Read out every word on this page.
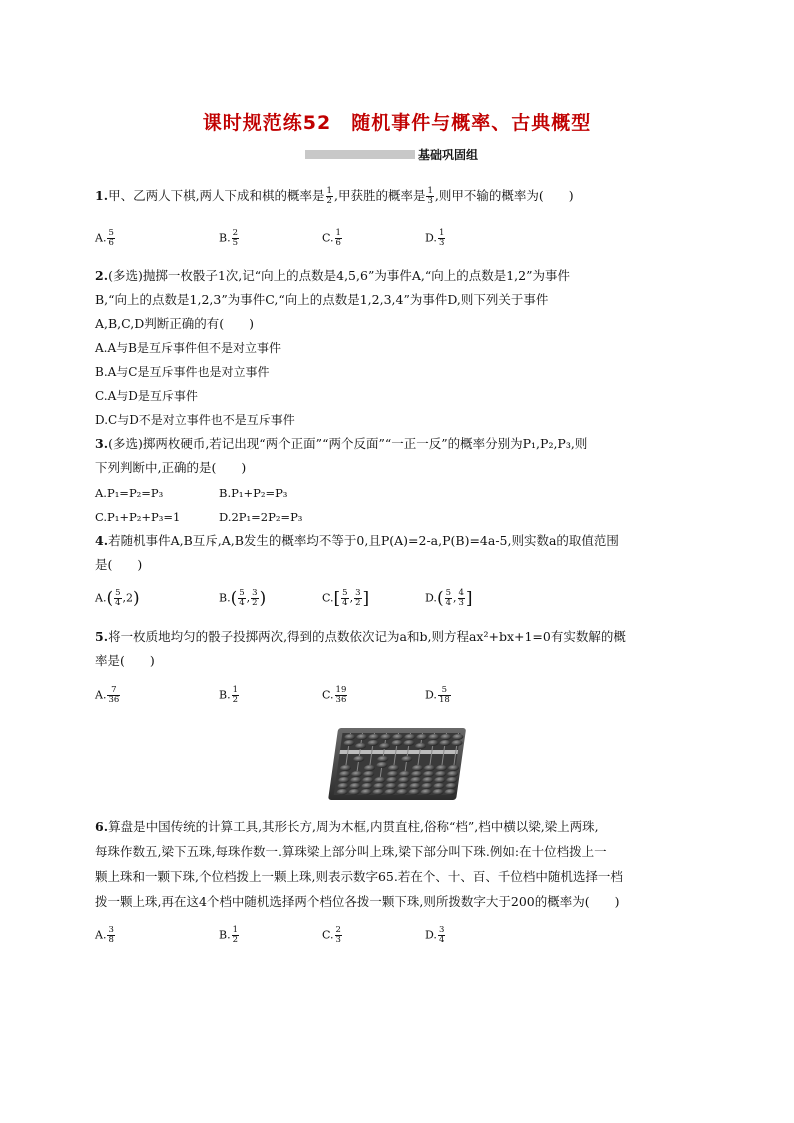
课时规范练52　随机事件与概率、古典概型
基础巩固组
1.甲、乙两人下棋,两人下成和棋的概率是 $\frac{1}{2}$ ,甲获胜的概率是 $\frac{1}{3}$ ,则甲不输的概率为(　　)
A. $\frac{5}{6}$	B. $\frac{2}{5}$	C. $\frac{1}{6}$	D. $\frac{1}{3}$
2.(多选)抛掷一枚骰子1次,记“向上的点数是4,5,6”为事件A,“向上的点数是1,2”为事件
B,“向上的点数是1,2,3”为事件C,“向上的点数是1,2,3,4”为事件D,则下列关于事件
A,B,C,D判断正确的有(　　)
A.A与B是互斥事件但不是对立事件
B.A与C是互斥事件也是对立事件
C.A与D是互斥事件
D.C与D不是对立事件也不是互斥事件
3.(多选)掷两枚硬币,若记出现“两个正面”“两个反面”“一正一反”的概率分别为P₁,P₂,P₃,则
下列判断中,正确的是(　　)
A.P₁=P₂=P₃	B.P₁+P₂=P₃
C.P₁+P₂+P₃=1	D.2P₁=2P₂=P₃
4.若随机事件A,B互斥,A,B发生的概率均不等于0,且P(A)=2-a,P(B)=4a-5,则实数a的取值范围
是(　　)
$A.( \frac{5}{4} ,2)$	$B.( \frac{5}{4}$ , $\frac{3}{2}$ )	$C.[ \frac{5}{4}$ , $\frac{3}{2}$ ]	$D.( \frac{5}{4}$ , $\frac{4}{3}$ ]
5.将一枚质地均匀的骰子投掷两次,得到的点数依次记为a和b,则方程ax²+bx+1=0有实数解的概
率是(　　)
A. $\frac{7}{36}$	B. $\frac{1}{2}$	C. $\frac{19}{36}$	D. $\frac{5}{18}$
6.算盘是中国传统的计算工具,其形长方,周为木框,内贯直柱,俗称“档”,档中横以梁,梁上两珠,
每珠作数五,梁下五珠,每珠作数一.算珠梁上部分叫上珠,梁下部分叫下珠.例如:在十位档拨上一
颗上珠和一颗下珠,个位档拨上一颗上珠,则表示数字65.若在个、十、百、千位档中随机选择一档
拨一颗上珠,再在这4个档中随机选择两个档位各拨一颗下珠,则所拨数字大于200的概率为(　　)
A. $\frac{3}{8}$	B. $\frac{1}{2}$	C. $\frac{2}{3}$	D. $\frac{3}{4}$
